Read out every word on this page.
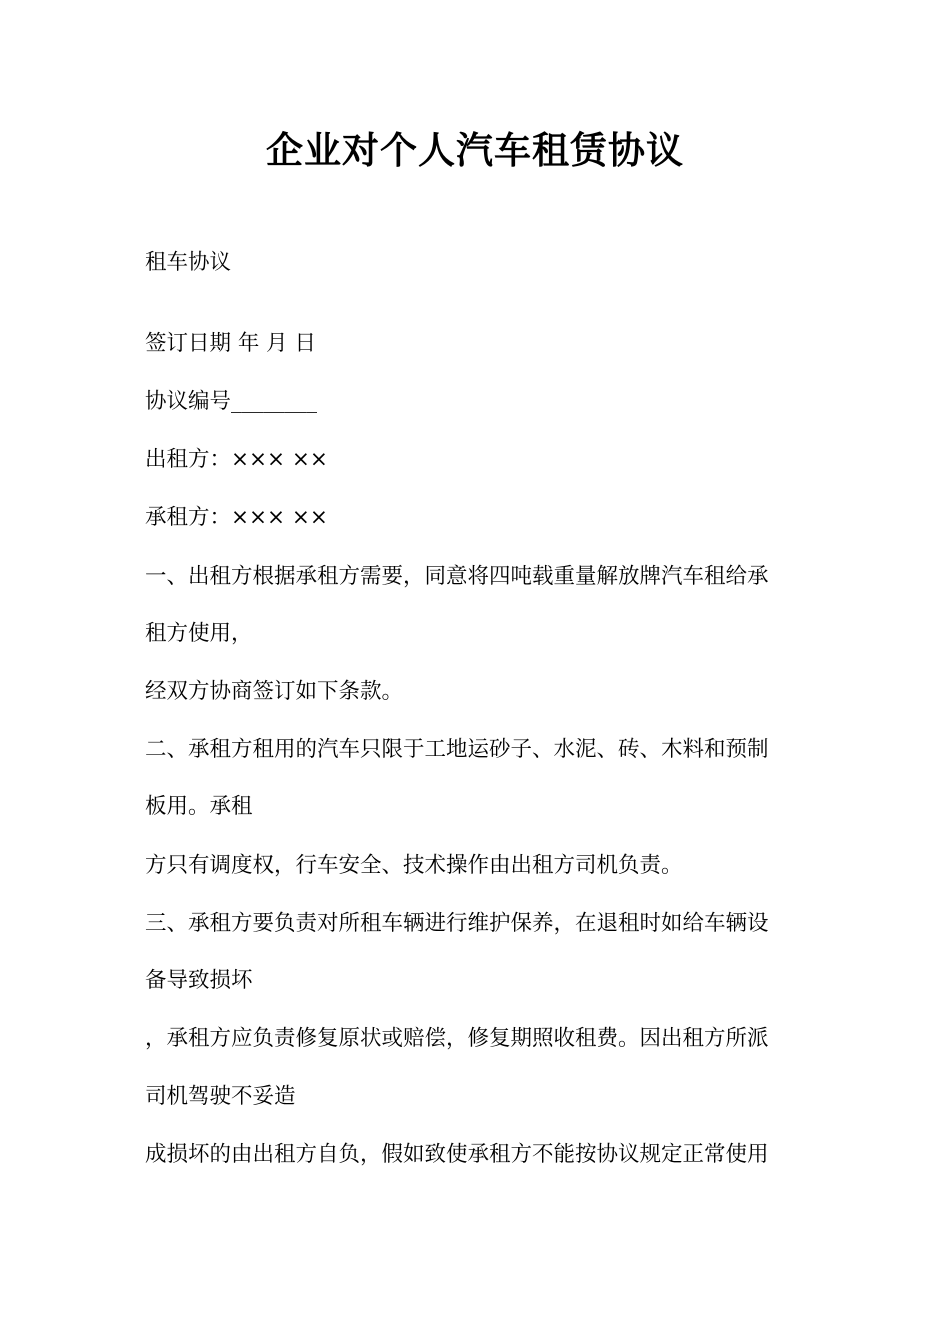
企业对个人汽车租赁协议
租车协议
签订日期 年 月 日
协议编号________
出租方：××× ××
承租方：××× ××
一、出租方根据承租方需要，同意将四吨载重量解放牌汽车租给承
租方使用，
经双方协商签订如下条款。
二、承租方租用的汽车只限于工地运砂子、水泥、砖、木料和预制
板用。承租
方只有调度权，行车安全、技术操作由出租方司机负责。
三、承租方要负责对所租车辆进行维护保养，在退租时如给车辆设
备导致损坏
，承租方应负责修复原状或赔偿，修复期照收租费。因出租方所派
司机驾驶不妥造
成损坏的由出租方自负，假如致使承租方不能按协议规定正常使用
